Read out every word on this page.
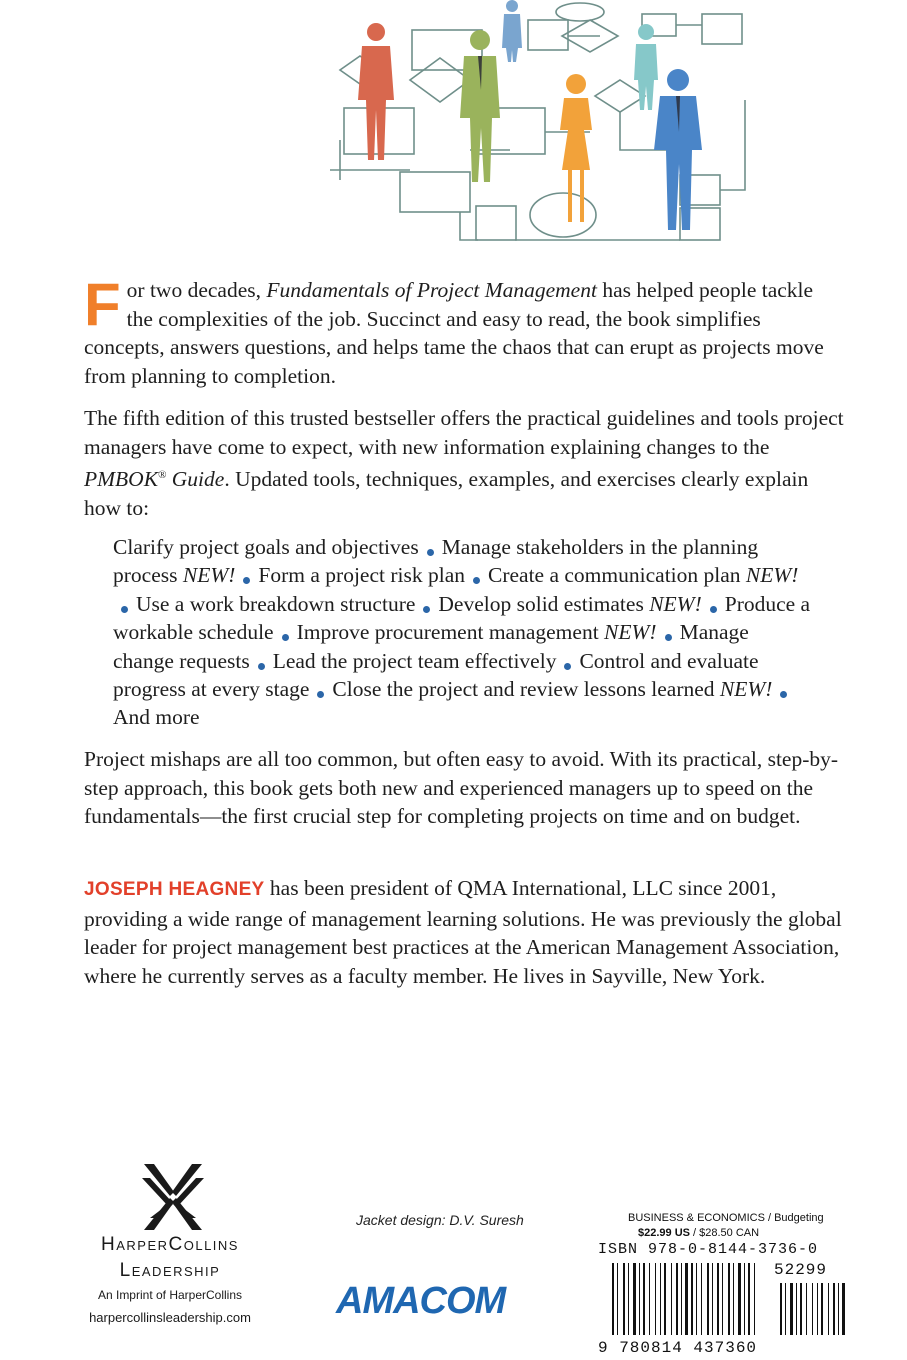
For two decades, Fundamentals of Project Management has helped people tackle the complexities of the job. Succinct and easy to read, the book simplifies concepts, answers questions, and helps tame the chaos that can erupt as projects move from planning to completion.

The fifth edition of this trusted bestseller offers the practical guidelines and tools project managers have come to expect, with new information explaining changes to the PMBOK® Guide. Updated tools, techniques, examples, and exercises clearly explain how to:

Clarify project goals and objectives Manage stakeholders in the planning process NEW! Form a project risk plan Create a communication plan NEW!Use a work breakdown structure Develop solid estimates NEW! Produce a workable schedule Improve procurement management NEW! Manage change requests Lead the project team effectively Control and evaluate progress at every stage Close the project and review lessons learned NEW!And more

Project mishaps are all too common, but often easy to avoid. With its practical, step-by-step approach, this book gets both new and experienced managers up to speed on the fundamentals—the first crucial step for completing projects on time and on budget.

JOSEPH HEAGNEY has been president of QMA International, LLC since 2001, providing a wide range of management learning solutions. He was previously the global leader for project management best practices at the American Management Association, where he currently serves as a faculty member. He lives in Sayville, New York.

HarperCollins
Leadership
An Imprint of HarperCollins
harpercollinsleadership.com
Jacket design: D.V. Suresh
AMACOM
BUSINESS & ECONOMICS / Budgeting
$22.99 US / $28.50 CAN
ISBN 978-0-8144-3736-0
52299
9 780814 437360
